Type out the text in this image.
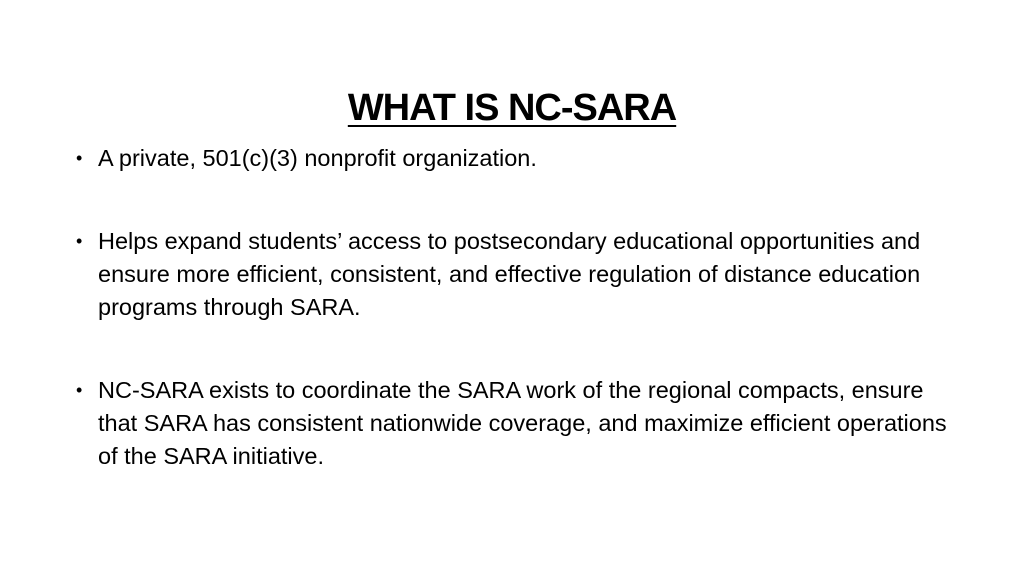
WHAT IS NC-SARA
• A private, 501(c)(3) nonprofit organization.
• Helps expand students’ access to postsecondary educational opportunities and ensure more efficient, consistent, and effective regulation of distance education programs through SARA.
• NC-SARA exists to coordinate the SARA work of the regional compacts, ensure that SARA has consistent nationwide coverage, and maximize efficient operations of the SARA initiative.
